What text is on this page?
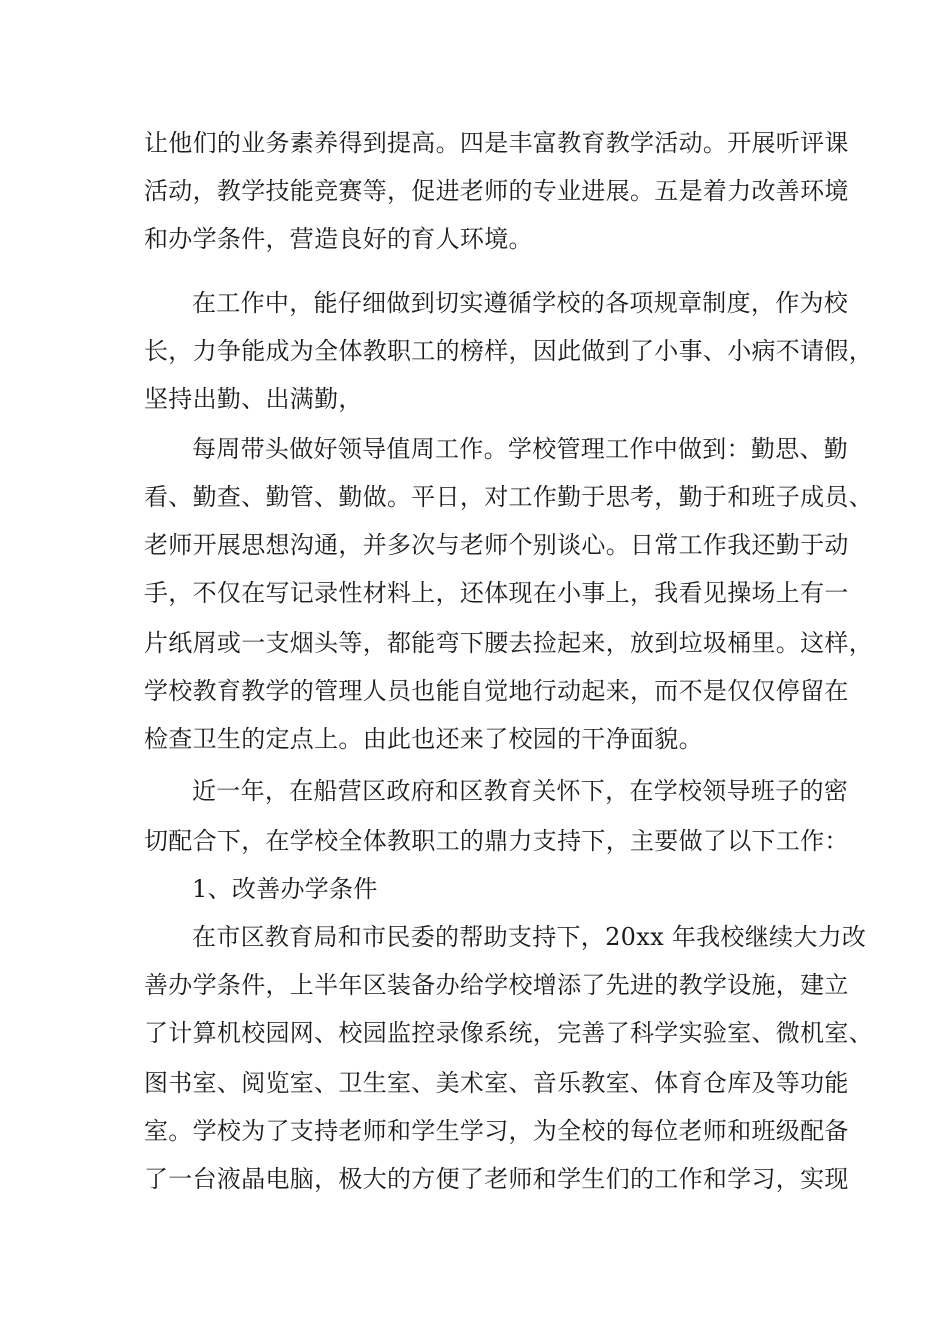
让他们的业务素养得到提高。四是丰富教育教学活动。开展听评课
活动，教学技能竞赛等，促进老师的专业进展。五是着力改善环境
和办学条件，营造良好的育人环境。
在工作中，能仔细做到切实遵循学校的各项规章制度，作为校
长，力争能成为全体教职工的榜样，因此做到了小事、小病不请假，
坚持出勤、出满勤，
每周带头做好领导值周工作。学校管理工作中做到：勤思、勤
看、勤查、勤管、勤做。平日，对工作勤于思考，勤于和班子成员、
老师开展思想沟通，并多次与老师个别谈心。日常工作我还勤于动
手，不仅在写记录性材料上，还体现在小事上，我看见操场上有一
片纸屑或一支烟头等，都能弯下腰去捡起来，放到垃圾桶里。这样，
学校教育教学的管理人员也能自觉地行动起来，而不是仅仅停留在
检查卫生的定点上。由此也还来了校园的干净面貌。
近一年，在船营区政府和区教育关怀下，在学校领导班子的密
切配合下，在学校全体教职工的鼎力支持下，主要做了以下工作：
1、改善办学条件
在市区教育局和市民委的帮助支持下，20xx 年我校继续大力改
善办学条件，上半年区装备办给学校增添了先进的教学设施，建立
了计算机校园网、校园监控录像系统，完善了科学实验室、微机室、
图书室、阅览室、卫生室、美术室、音乐教室、体育仓库及等功能
室。学校为了支持老师和学生学习，为全校的每位老师和班级配备
了一台液晶电脑，极大的方便了老师和学生们的工作和学习，实现
